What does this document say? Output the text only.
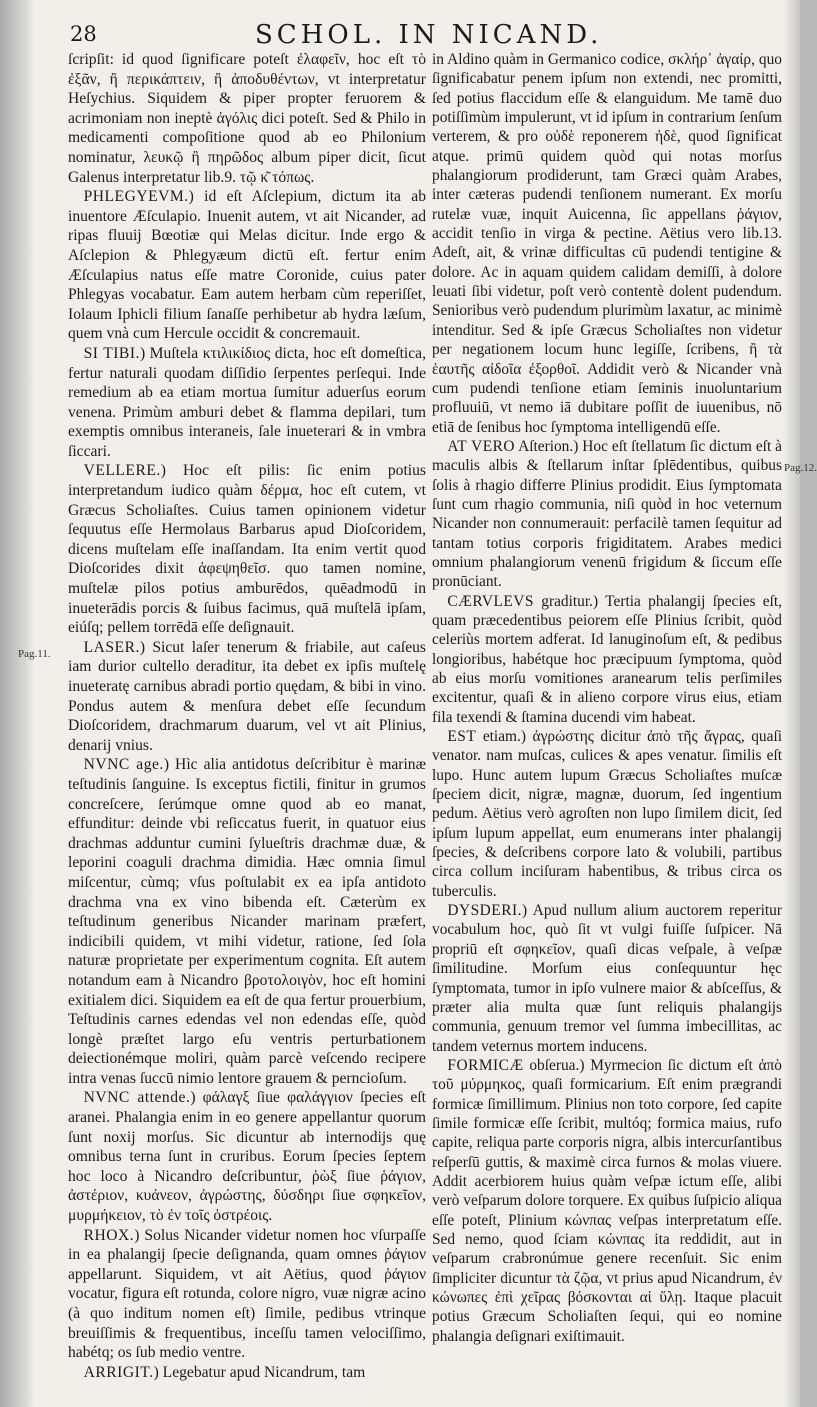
28	SCHOL. IN NICAND.
Pag.11.
Pag.12.

ſcripſit: id quod ſignificare poteſt ἐλαφεῖν, hoc eſt τὸ ἐξᾶν, ἢ περικάπτειν, ἢ ἀποδυθέντων, vt interpretatur Heſychius. Siquidem & piper propter feruorem & acrimoniam non ineptè ἀγόλις dici poteſt. Sed & Philo in medicamenti compoſitione quod ab eo Philonium nominatur, λευκῷ ἢ πηρῶδος album piper dicit, ſicut Galenus interpretatur lib.9. τῷ κ͂ τόπως.

 PHLEGYEVM.) id eſt Aſclepium, dictum ita ab inuentore Æſculapio. Inuenit autem, vt ait Nicander, ad ripas fluuij Bœotiæ qui Melas dicitur. Inde ergo & Aſclepion & Phlegyæum dictū eſt. fertur enim Æſculapius natus eſſe matre Coronide, cuius pater Phlegyas vocabatur. Eam autem herbam cùm reperiſſet, Iolaum Iphicli filium ſanaſſe perhibetur ab hydra læſum, quem vnà cum Hercule occidit & concremauit.

 SI TIBI.) Muſtela κτιλικίδιος dicta, hoc eſt domeſtica, fertur naturali quodam diſſidio ſerpentes perſequi. Inde remedium ab ea etiam mortua ſumitur aduerſus eorum venena. Primùm amburi debet & flamma depilari, tum exemptis omnibus interaneis, ſale inueterari & in vmbra ſiccari.

 VELLERE.) Hoc eſt pilis: ſic enim potius interpretandum iudico quàm δέρμα, hoc eſt cutem, vt Græcus Scholiaſtes. Cuius tamen opinionem videtur ſequutus eſſe Hermolaus Barbarus apud Dioſcoridem, dicens muſtelam eſſe inaſſandam. Ita enim vertit quod Dioſcorides dixit ἀφεψηθεῖσ. quo tamen nomine, muſtelæ pilos potius amburēdos, quēadmodū in inueterādis porcis & ſuibus facimus, quā muſtelā ipſam, eiúſq; pellem torrēdā eſſe deſignauit.

 LASER.) Sicut laſer tenerum & friabile, aut caſeus iam durior cultello deraditur, ita debet ex ipſis muſtelę inueteratę carnibus abradi portio quędam, & bibi in vino. Pondus autem & menſura debet eſſe ſecundum Dioſcoridem, drachmarum duarum, vel vt ait Plinius, denarij vnius.

 NVNC age.) Hìc alia antidotus deſcribitur è marinæ teſtudinis ſanguine. Is exceptus fictili, finitur in grumos concreſcere, ſerúmque omne quod ab eo manat, effunditur: deinde vbi reſiccatus fuerit, in quatuor eius drachmas adduntur cumini ſylueſtris drachmæ duæ, & leporini coaguli drachma dimidia. Hæc omnia ſimul miſcentur, cùmq; vſus poſtulabit ex ea ipſa antidoto drachma vna ex vino bibenda eſt. Cæterùm ex teſtudinum generibus Nicander marinam præfert, indicibili quidem, vt mihi videtur, ratione, ſed ſola naturæ proprietate per experimentum cognita. Eſt autem notandum eam à Nicandro βροτολοιγὸν, hoc eſt homini exitialem dici. Siquidem ea eſt de qua fertur prouerbium, Teſtudinis carnes edendas vel non edendas eſſe, quòd longè præſtet largo eſu ventris perturbationem deiectionémque moliri, quàm parcè veſcendo recipere intra venas ſuccū nimio lentore grauem & perncioſum.

 NVNC attende.) φάλαγξ ſiue φαλάγγιον ſpecies eſt aranei. Phalangia enim in eo genere appellantur quorum ſunt noxij morſus. Sic dicuntur ab internodijs quę omnibus terna ſunt in cruribus. Eorum ſpecies ſeptem hoc loco à Nicandro deſcribuntur, ῥὼξ ſiue ῥάγιον, ἀστέριον, κυάνεον, ἀγρώστης, δύσδηρι ſiue σφηκεῖον, μυρμήκειον, τὸ ἐν τοῖς ὀστρέοις.

 RHOX.) Solus Nicander videtur nomen hoc vſurpaſſe in ea phalangij ſpecie deſignanda, quam omnes ῥάγιον appellarunt. Siquidem, vt ait Aëtius, quod ῥάγιον vocatur, figura eſt rotunda, colore nigro, vuæ nigræ acino (à quo inditum nomen eſt) ſimile, pedibus vtrinque breuiſſimis & frequentibus, inceſſu tamen velociſſimo, habétq; os ſub medio ventre.

 ARRIGIT.) Legebatur apud Nicandrum, tam

in Aldino quàm in Germanico codice, σκλήρ᾽ ἀγαίρ, quo ſignificabatur penem ipſum non extendi, nec promitti, ſed potius flaccidum eſſe & elanguidum. Me tamē duo potiſſimùm impulerunt, vt id ipſum in contrarium ſenſum verterem, & pro οὐδὲ reponerem ἠδὲ, quod ſignificat atque. primū quidem quòd qui notas morſus phalangiorum prodiderunt, tam Græci quàm Arabes, inter cæteras pudendi tenſionem numerant. Ex morſu rutelæ vuæ, inquit Auicenna, ſic appellans ῥάγιον, accidit tenſio in virga & pectine. Aëtius vero lib.13. Adeſt, ait, & vrinæ difficultas cū pudendi tentigine & dolore. Ac in aquam quidem calidam demiſſi, à dolore leuati ſibi videtur, poſt verò contentè dolent pudendum. Senioribus verò pudendum plurimùm laxatur, ac minimè intenditur. Sed & ipſe Græcus Scholiaſtes non videtur per negationem locum hunc legiſſe, ſcribens, ἢ τὰ ἑαυτῆς αἰδοῖα ἐξορθοῖ. Addidit verò & Nicander vnà cum pudendi tenſione etiam ſeminis inuoluntarium profluuiū, vt nemo iā dubitare poſſit de iuuenibus, nō etiā de ſenibus hoc ſymptoma intelligendū eſſe.

 AT VERO Aſterion.) Hoc eſt ſtellatum ſic dictum eſt à maculis albis & ſtellarum inſtar ſplēdentibus, quibus ſolis à rhagio differre Plinius prodidit. Eius ſymptomata ſunt cum rhagio communia, niſi quòd in hoc veternum Nicander non connumerauit: perfacilè tamen ſequitur ad tantam totius corporis frigiditatem. Arabes medici omnium phalangiorum venenū frigidum & ſiccum eſſe pronūciant.

 CÆRVLEVS graditur.) Tertia phalangij ſpecies eſt, quam præcedentibus peiorem eſſe Plinius ſcribit, quòd celeriùs mortem adferat. Id lanuginoſum eſt, & pedibus longioribus, habétque hoc præcipuum ſymptoma, quòd ab eius morſu vomitiones aranearum telis perſimiles excitentur, quaſi & in alieno corpore virus eius, etiam fila texendi & ſtamina ducendi vim habeat.

 EST etiam.) ἀγρώστης dicitur ἀπὸ τῆς ἄγρας, quaſi venator. nam muſcas, culices & apes venatur. ſimilis eſt lupo. Hunc autem lupum Græcus Scholiaſtes muſcæ ſpeciem dicit, nigræ, magnæ, duorum, ſed ingentium pedum. Aëtius verò agroſten non lupo ſimilem dicit, ſed ipſum lupum appellat, eum enumerans inter phalangij ſpecies, & deſcribens corpore lato & volubili, partibus circa collum inciſuram habentibus, & tribus circa os tuberculis.

 DYSDERI.) Apud nullum alium auctorem reperitur vocabulum hoc, quò ſit vt vulgi fuiſſe ſuſpicer. Nā propriū eſt σφηκεῖον, quaſi dicas veſpale, à veſpæ ſimilitudine. Morſum eius conſequuntur hęc ſymptomata, tumor in ipſo vulnere maior & abſceſſus, & præter alia multa quæ ſunt reliquis phalangijs communia, genuum tremor vel ſumma imbecillitas, ac tandem veternus mortem inducens.

 FORMICÆ obſerua.) Myrmecion ſic dictum eſt ἀπὸ τοῦ μύρμηκος, quaſi formicarium. Eſt enim prægrandi formicæ ſimillimum. Plinius non toto corpore, ſed capite ſimile formicæ eſſe ſcribit, multóq; formica maius, rufo capite, reliqua parte corporis nigra, albis intercurſantibus reſperſū guttis, & maximè circa furnos & molas viuere. Addit acerbiorem huius quàm veſpæ ictum eſſe, alibi verò veſparum dolore torquere. Ex quibus ſuſpicio aliqua eſſe poteſt, Plinium κώνπας veſpas interpretatum eſſe. Sed nemo, quod ſciam κώνπας ita reddidit, aut in veſparum crabronúmue genere recenſuit. Sic enim ſimpliciter dicuntur τὰ ζῷα, vt prius apud Nicandrum, ἐν κώνωπες ἐπὶ χεῖρας βόσκονται αἱ ὕλῃ. Itaque placuit potius Græcum Scholiaſten ſequi, qui eo nomine phalangia deſignari exiſtimauit.
